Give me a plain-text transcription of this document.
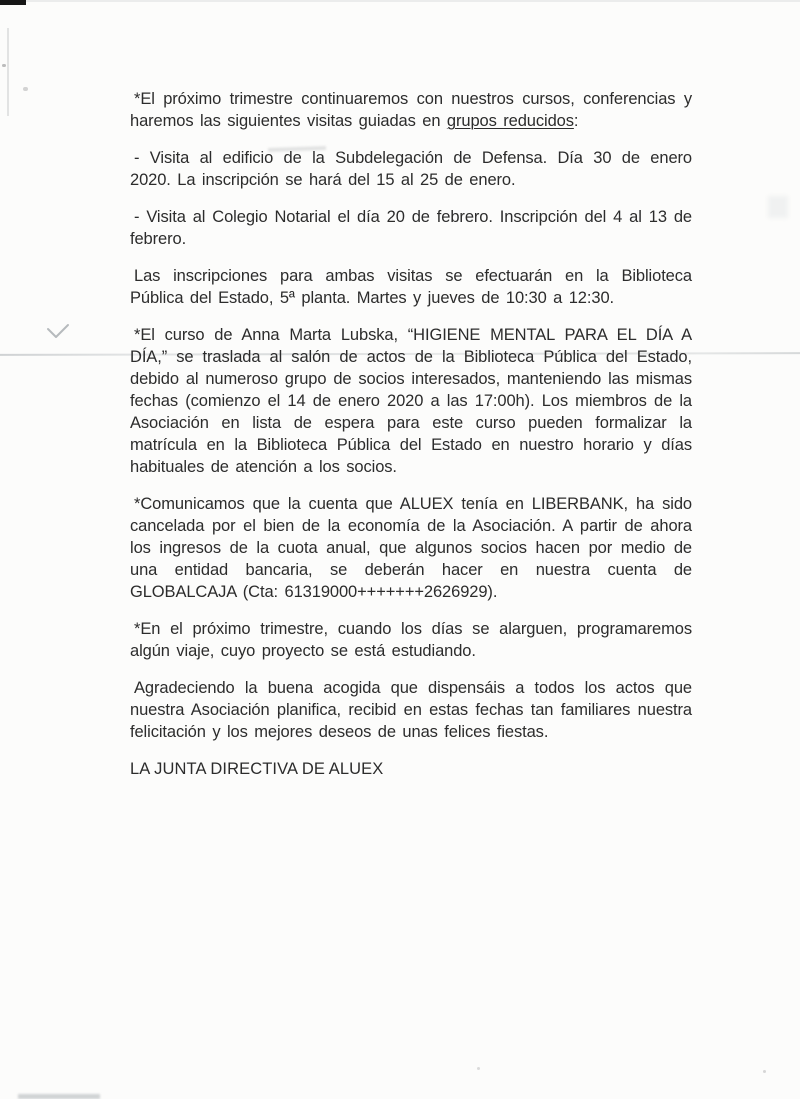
*El próximo trimestre continuaremos con nuestros cursos, conferencias y haremos las siguientes visitas guiadas en grupos reducidos:

- Visita al edificio de la Subdelegación de Defensa. Día 30 de enero 2020. La inscripción se hará del 15 al 25 de enero.

- Visita al Colegio Notarial el día 20 de febrero. Inscripción del 4 al 13 de febrero.

Las inscripciones para ambas visitas se efectuarán en la Biblioteca Pública del Estado, 5ª planta. Martes y jueves de 10:30 a 12:30.

*El curso de Anna Marta Lubska, “HIGIENE MENTAL PARA EL DÍA A DÍA,” se traslada al salón de actos de la Biblioteca Pública del Estado, debido al numeroso grupo de socios interesados, manteniendo las mismas fechas (comienzo el 14 de enero 2020 a las 17:00h). Los miembros de la Asociación en lista de espera para este curso pueden formalizar la matrícula en la Biblioteca Pública del Estado en nuestro horario y días habituales de atención a los socios.

*Comunicamos que la cuenta que ALUEX tenía en LIBERBANK, ha sido cancelada por el bien de la economía de la Asociación. A partir de ahora los ingresos de la cuota anual, que algunos socios hacen por medio de una entidad bancaria, se deberán hacer en nuestra cuenta de GLOBALCAJA (Cta: 61319000+++++++2626929).

*En el próximo trimestre, cuando los días se alarguen, programaremos algún viaje, cuyo proyecto se está estudiando.

Agradeciendo la buena acogida que dispensáis a todos los actos que nuestra Asociación planifica, recibid en estas fechas tan familiares nuestra felicitación y los mejores deseos de unas felices fiestas.

LA JUNTA DIRECTIVA DE ALUEX
